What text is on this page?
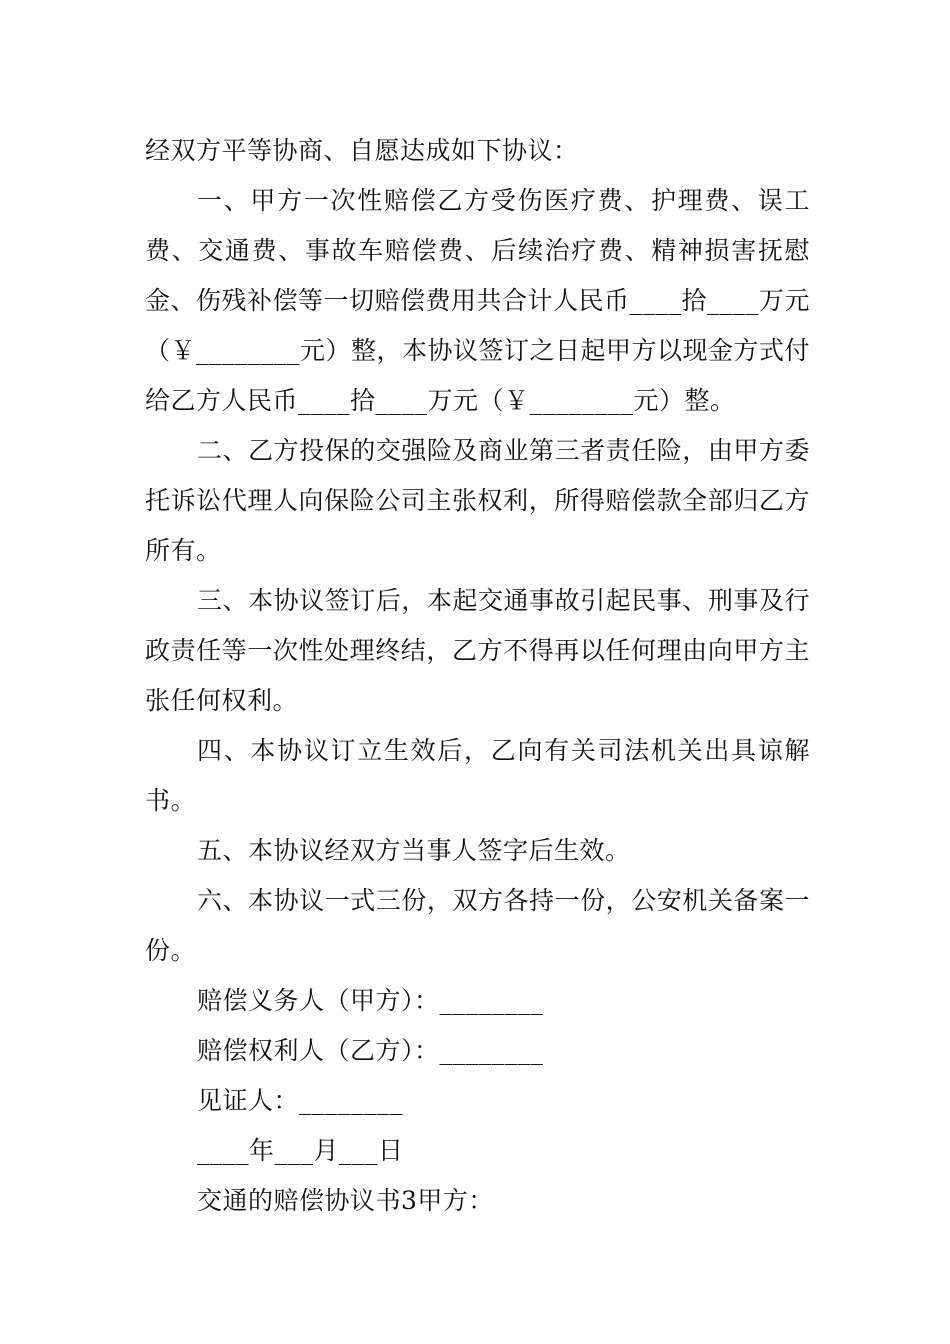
经双方平等协商、自愿达成如下协议：

一、甲方一次性赔偿乙方受伤医疗费、护理费、误工费、交通费、事故车赔偿费、后续治疗费、精神损害抚慰金、伤残补偿等一切赔偿费用共合计人民币____拾____万元（￥________元）整，本协议签订之日起甲方以现金方式付给乙方人民币____拾____万元（￥________元）整。

二、乙方投保的交强险及商业第三者责任险，由甲方委托诉讼代理人向保险公司主张权利，所得赔偿款全部归乙方所有。

三、本协议签订后，本起交通事故引起民事、刑事及行政责任等一次性处理终结，乙方不得再以任何理由向甲方主张任何权利。

四、本协议订立生效后，乙向有关司法机关出具谅解书。

五、本协议经双方当事人签字后生效。

六、本协议一式三份，双方各持一份，公安机关备案一份。

赔偿义务人（甲方）：________

赔偿权利人（乙方）：________

见证人：________

____年___月___日

交通的赔偿协议书3甲方：
